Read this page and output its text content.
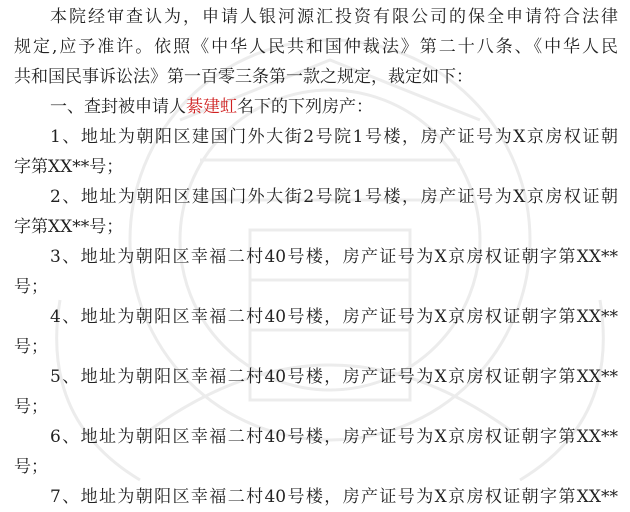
本院经审查认为，申请人银河源汇投资有限公司的保全申请符合法律
规定,应予准许。依照《中华人民共和国仲裁法》第二十八条、《中华人民
共和国民事诉讼法》第一百零三条第一款之规定，裁定如下：
一、查封被申请人綦建虹名下的下列房产：
1、地址为朝阳区建国门外大街2号院1号楼，房产证号为X京房权证朝
字第XX**号；
2、地址为朝阳区建国门外大街2号院1号楼，房产证号为X京房权证朝
字第XX**号；
3、地址为朝阳区幸福二村40号楼，房产证号为X京房权证朝字第XX**
号；
4、地址为朝阳区幸福二村40号楼，房产证号为X京房权证朝字第XX**
号；
5、地址为朝阳区幸福二村40号楼，房产证号为X京房权证朝字第XX**
号；
6、地址为朝阳区幸福二村40号楼，房产证号为X京房权证朝字第XX**
号；
7、地址为朝阳区幸福二村40号楼，房产证号为X京房权证朝字第XX**
